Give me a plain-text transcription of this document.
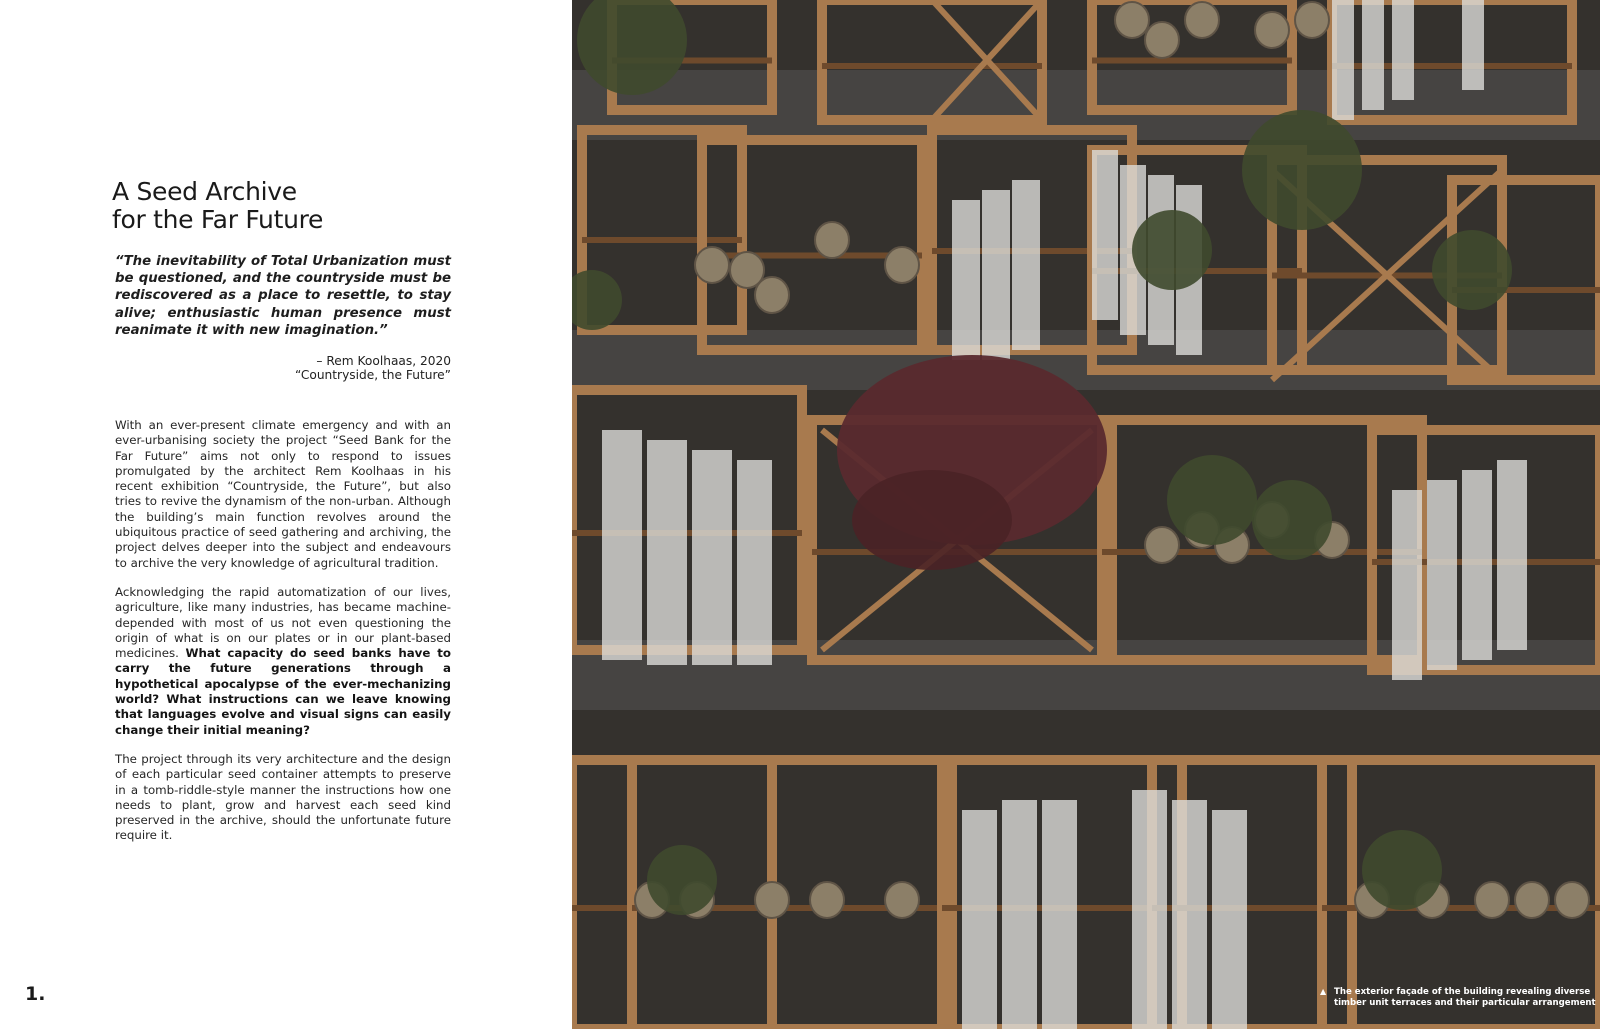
A Seed Archive
for the Far Future
“The inevitability of Total Urbanization must be questioned, and the countryside must be rediscovered as a place to resettle, to stay alive; enthusiastic human presence must reanimate it with new imagination.”
– Rem Koolhaas, 2020
“Countryside, the Future”

With an ever-present climate emergency and with an ever-urbanising society the project “Seed Bank for the Far Future” aims not only to respond to issues promulgated by the architect Rem Koolhaas in his recent exhibition “Countryside, the Future”, but also tries to revive the dynamism of the non-urban. Although the building’s main function revolves around the ubiquitous practice of seed gathering and archiving, the project delves deeper into the subject and endeavours to archive the very knowledge of agricultural tradition.

Acknowledging the rapid automatization of our lives, agriculture, like many industries, has became machine-depended with most of us not even questioning the origin of what is on our plates or in our plant-based medicines. What capacity do seed banks have to carry the future generations through a hypothetical apocalypse of the ever-mechanizing world? What instructions can we leave knowing that languages evolve and visual signs can easily change their initial meaning?

The project through its very architecture and the design of each particular seed container attempts to preserve in a tomb-riddle-style manner the instructions how one needs to plant, grow and harvest each seed kind preserved in the archive, should the unfortunate future require it.

1.	▲ The exterior façade of the building revealing diverse
timber unit terraces and their particular arrangement
